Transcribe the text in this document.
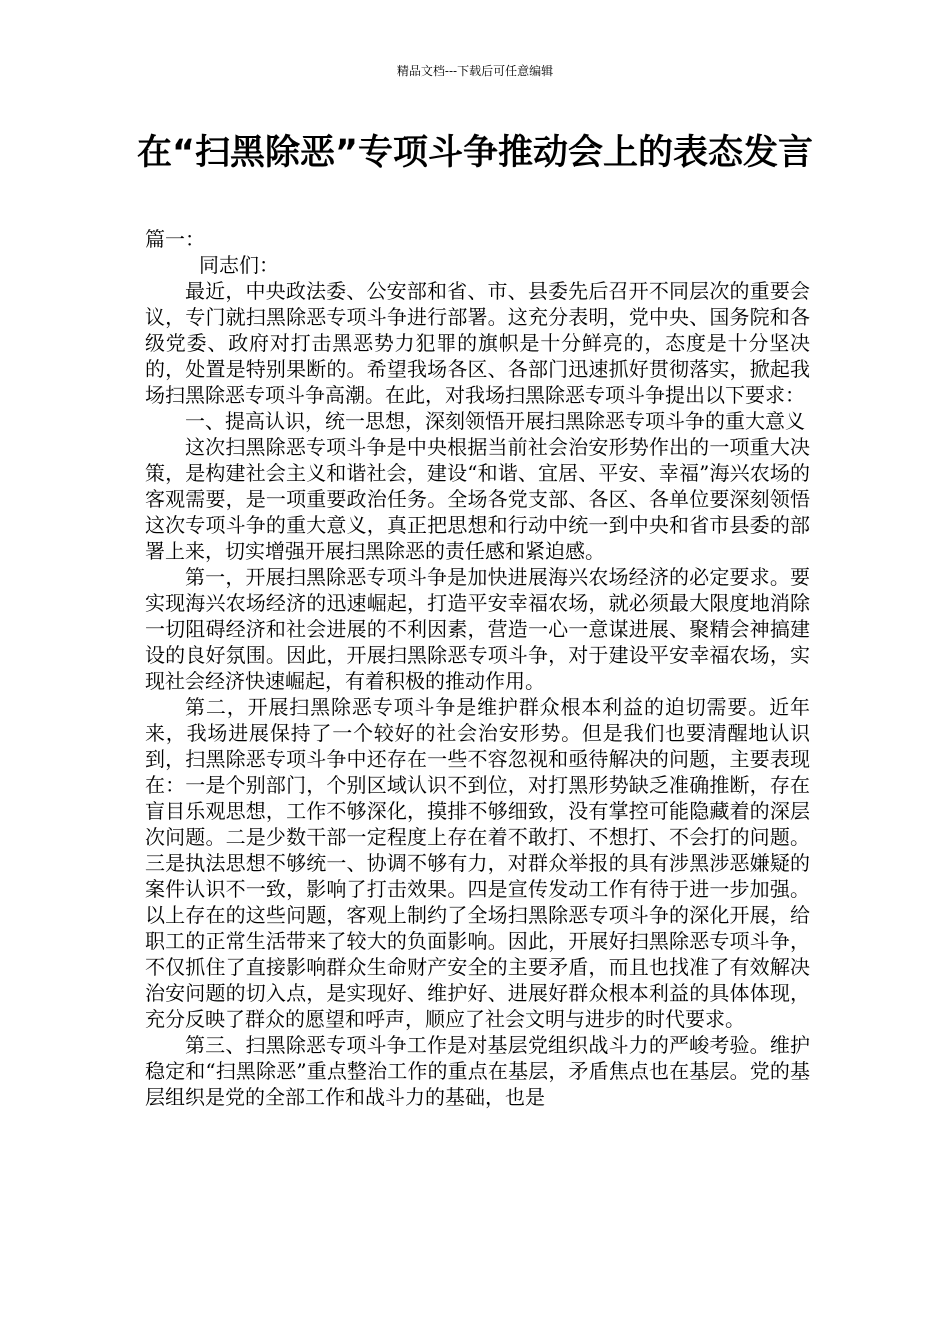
精品文档---下载后可任意编辑
在“扫黑除恶”专项斗争推动会上的表态发言

篇一：

同志们：

最近，中央政法委、公安部和省、市、县委先后召开不同层次的重要会议，专门就扫黑除恶专项斗争进行部署。这充分表明，党中央、国务院和各级党委、政府对打击黑恶势力犯罪的旗帜是十分鲜亮的，态度是十分坚决的，处置是特别果断的。希望我场各区、各部门迅速抓好贯彻落实，掀起我场扫黑除恶专项斗争高潮。在此，对我场扫黑除恶专项斗争提出以下要求：

一、提高认识，统一思想，深刻领悟开展扫黑除恶专项斗争的重大意义

这次扫黑除恶专项斗争是中央根据当前社会治安形势作出的一项重大决策，是构建社会主义和谐社会，建设“和谐、宜居、平安、幸福”海兴农场的客观需要，是一项重要政治任务。全场各党支部、各区、各单位要深刻领悟这次专项斗争的重大意义，真正把思想和行动中统一到中央和省市县委的部署上来，切实增强开展扫黑除恶的责任感和紧迫感。

第一，开展扫黑除恶专项斗争是加快进展海兴农场经济的必定要求。要实现海兴农场经济的迅速崛起，打造平安幸福农场，就必须最大限度地消除一切阻碍经济和社会进展的不利因素，营造一心一意谋进展、聚精会神搞建设的良好氛围。因此，开展扫黑除恶专项斗争，对于建设平安幸福农场，实现社会经济快速崛起，有着积极的推动作用。

第二，开展扫黑除恶专项斗争是维护群众根本利益的迫切需要。近年来，我场进展保持了一个较好的社会治安形势。但是我们也要清醒地认识到，扫黑除恶专项斗争中还存在一些不容忽视和亟待解决的问题，主要表现在：一是个别部门，个别区域认识不到位，对打黑形势缺乏准确推断，存在盲目乐观思想，工作不够深化，摸排不够细致，没有掌控可能隐藏着的深层次问题。二是少数干部一定程度上存在着不敢打、不想打、不会打的问题。三是执法思想不够统一、协调不够有力，对群众举报的具有涉黑涉恶嫌疑的案件认识不一致，影响了打击效果。四是宣传发动工作有待于进一步加强。以上存在的这些问题，客观上制约了全场扫黑除恶专项斗争的深化开展，给职工的正常生活带来了较大的负面影响。因此，开展好扫黑除恶专项斗争，不仅抓住了直接影响群众生命财产安全的主要矛盾，而且也找准了有效解决治安问题的切入点，是实现好、维护好、进展好群众根本利益的具体体现，充分反映了群众的愿望和呼声，顺应了社会文明与进步的时代要求。

第三、扫黑除恶专项斗争工作是对基层党组织战斗力的严峻考验。维护稳定和“扫黑除恶”重点整治工作的重点在基层，矛盾焦点也在基层。党的基层组织是党的全部工作和战斗力的基础，也是
